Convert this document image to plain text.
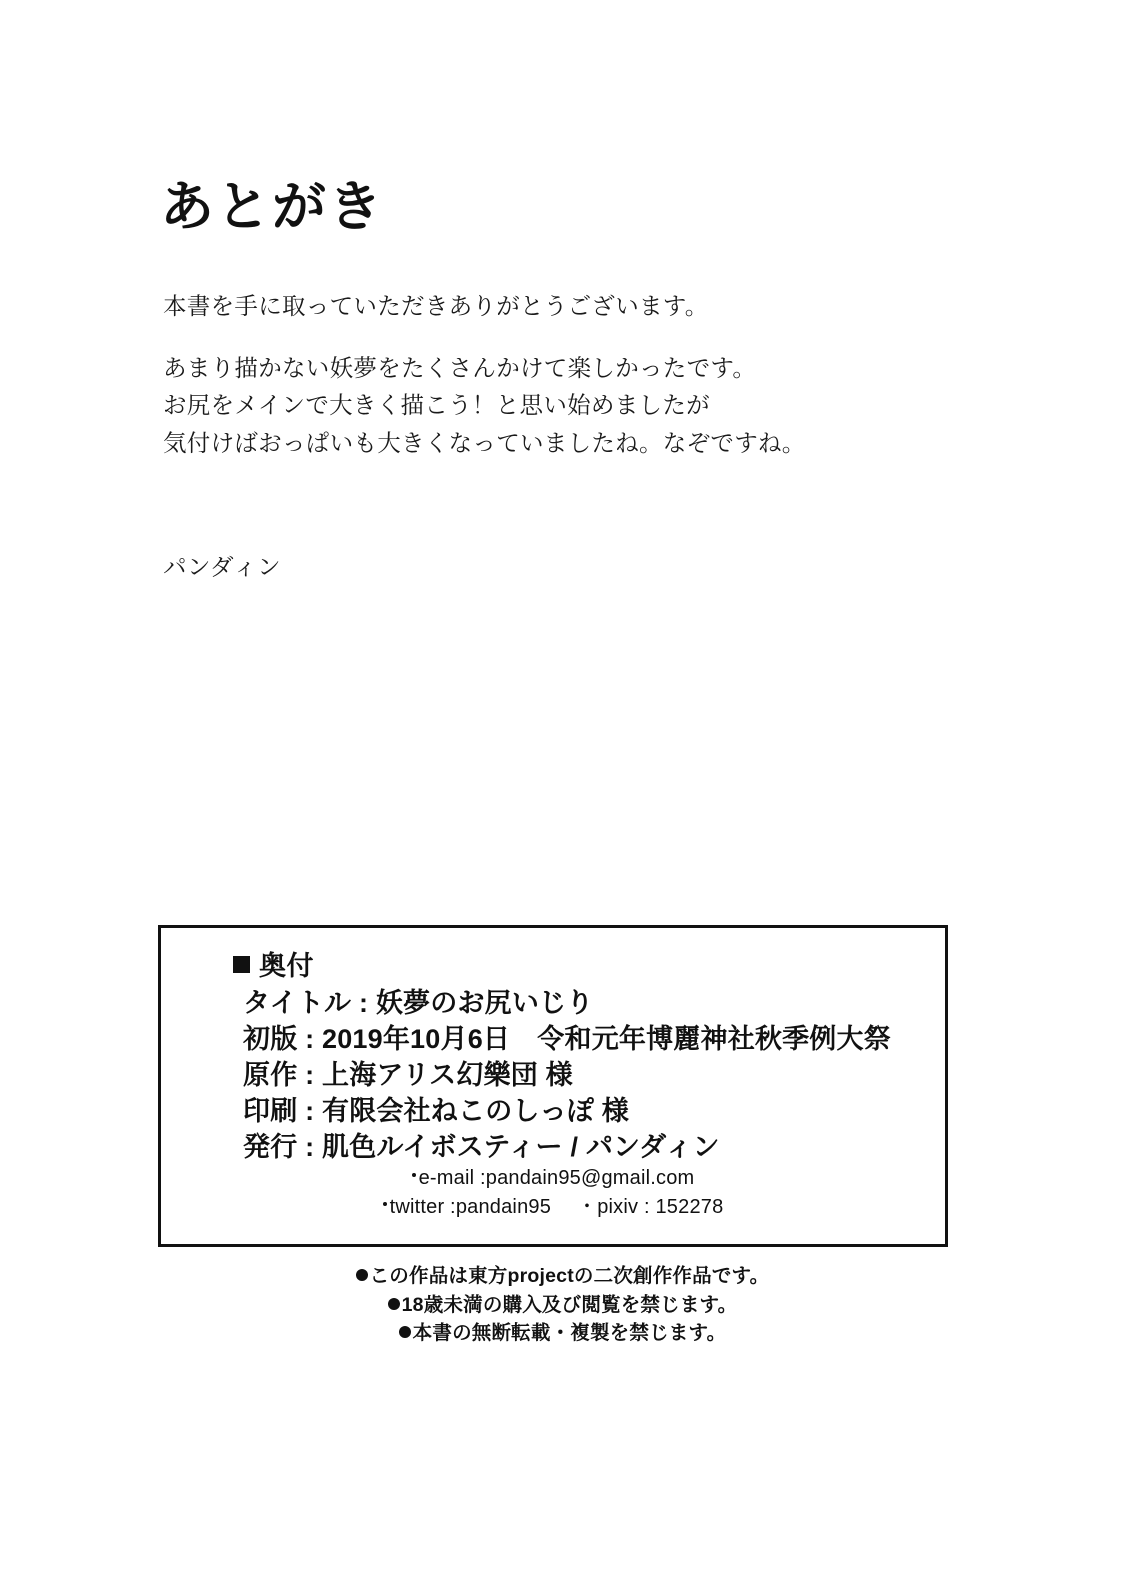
あとがき

本書を手に取っていただきありがとうございます。

あまり描かない妖夢をたくさんかけて楽しかったです。
お尻をメインで大きく描こう！と思い始めましたが
気付けばおっぱいも大きくなっていましたね。なぞですね。

パンダィン
奥付
タイトル : 妖夢のお尻いじり
初版 : 2019年10月6日　令和元年博麗神社秋季例大祭
原作 : 上海アリス幻樂団 様
印刷 : 有限会社ねこのしっぽ 様
発行 : 肌色ルイボスティー / パンダィン
e-mail :pandain95@gmail.com
twitter :pandain95　 ・pixiv : 152278
この作品は東方projectの二次創作作品です。
18歳未満の購入及び閲覧を禁じます。
本書の無断転載・複製を禁じます。
